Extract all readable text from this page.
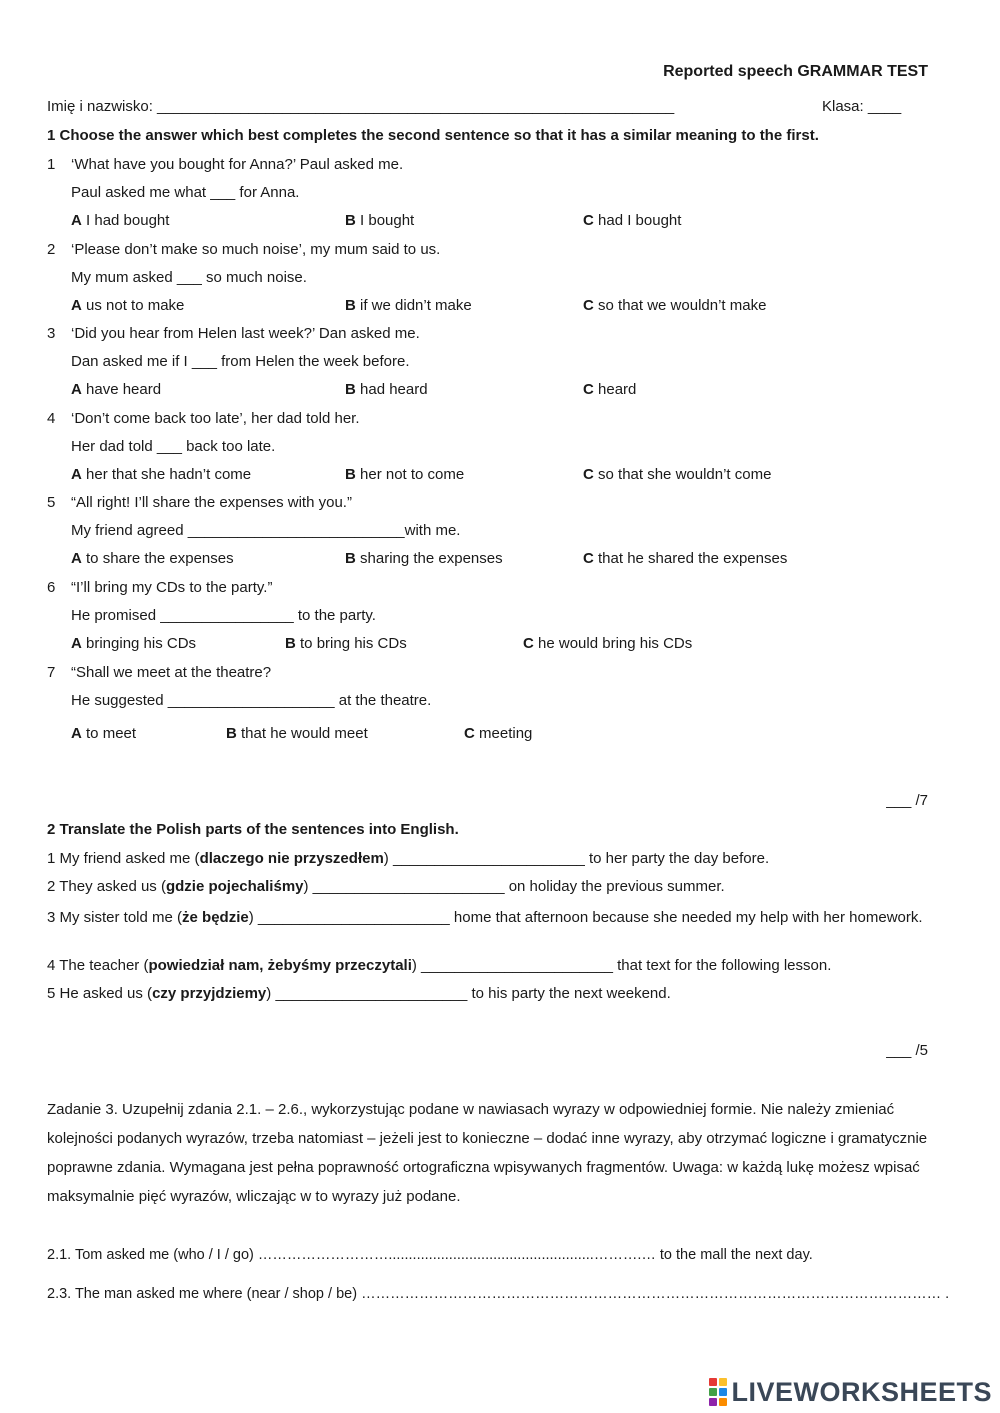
Reported speech GRAMMAR TEST
Imię i nazwisko: ______________________________________________________________	Klasa: ____
1 Choose the answer which best completes the second sentence so that it has a similar meaning to the first.
1 ‘What have you bought for Anna?’ Paul asked me.
Paul asked me what ___ for Anna.
A I had bought	B I bought	C had I bought
2 ‘Please don’t make so much noise’, my mum said to us.
My mum asked ___ so much noise.
A us not to make	B if we didn’t make	C so that we wouldn’t make
3 ‘Did you hear from Helen last week?’ Dan asked me.
Dan asked me if I ___ from Helen the week before.
A have heard	B had heard	C heard
4 ‘Don’t come back too late’, her dad told her.
Her dad told ___ back too late.
A her that she hadn’t come	B her not to come	C so that she wouldn’t come
5 “All right! I’ll share the expenses with you.”
My friend agreed __________________________with me.
A to share the expenses	B sharing the expenses	C that he shared the expenses
6 “I’ll bring my CDs to the party.”
He promised ________________ to the party.
A bringing his CDs	B to bring his CDs	C he would bring his CDs
7 “Shall we meet at the theatre?
He suggested ____________________ at the theatre.
A to meet	B that he would meet	C meeting
___ /7
2 Translate the Polish parts of the sentences into English.
1 My friend asked me (dlaczego nie przyszedłem) _______________________ to her party the day before.
2 They asked us (gdzie pojechaliśmy) _______________________ on holiday the previous summer.
3 My sister told me (że będzie) _______________________ home that afternoon because she needed my help with her homework.
4 The teacher (powiedział nam, żebyśmy przeczytali) _______________________ that text for the following lesson.
5 He asked us (czy przyjdziemy) _______________________ to his party the next weekend.
___ /5
Zadanie 3. Uzupełnij zdania 2.1. – 2.6., wykorzystując podane w nawiasach wyrazy w odpowiedniej formie. Nie należy zmieniać kolejności podanych wyrazów, trzeba natomiast – jeżeli jest to konieczne – dodać inne wyrazy, aby otrzymać logiczne i gramatycznie poprawne zdania. Wymagana jest pełna poprawność ortograficzna wpisywanych fragmentów. Uwaga: w każdą lukę możesz wpisać maksymalnie pięć wyrazów, wliczając w to wyrazy już podane.
2.1. Tom asked me (who / I / go) ………………………...................................................……….… to the mall the next day.
2.3. The man asked me where (near / shop / be) ………………………………………………………………………………………………………… .
LIVEWORKSHEETS
